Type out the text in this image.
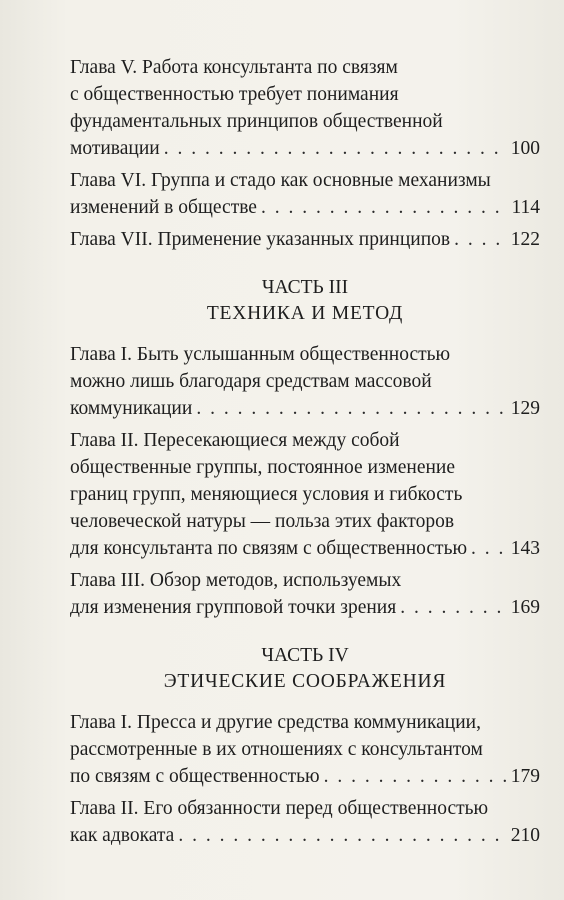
Глава V. Работа консультанта по связям
с общественностью требует понимания
фундаментальных принципов общественной
мотивации . . .	100
Глава VI. Группа и стадо как основные механизмы
изменений в обществе . . .	114
Глава VII. Применение указанных принципов . . .	122
ЧАСТЬ III
ТЕХНИКА И МЕТОД
Глава I. Быть услышанным общественностью
можно лишь благодаря средствам массовой
коммуникации . . .	129
Глава II. Пересекающиеся между собой
общественные группы, постоянное изменение
границ групп, меняющиеся условия и гибкость
человеческой натуры — польза этих факторов
для консультанта по связям с общественностью . . . 143
Глава III. Обзор методов, используемых
для изменения групповой точки зрения . . .	169
ЧАСТЬ IV
ЭТИЧЕСКИЕ СООБРАЖЕНИЯ
Глава I. Пресса и другие средства коммуникации,
рассмотренные в их отношениях с консультантом
по связям с общественностью . . .	179
Глава II. Его обязанности перед общественностью
как адвоката . . .	210
